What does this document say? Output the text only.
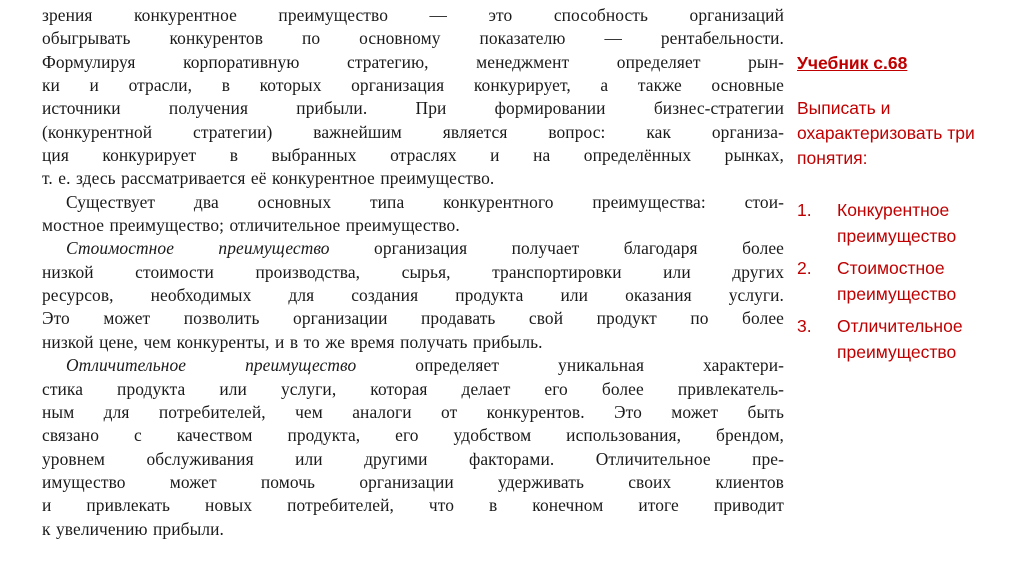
зрения конкурентное преимущество — это способность организаций
обыгрывать конкурентов по основному показателю — рентабельности.
Формулируя корпоративную стратегию, менеджмент определяет рын-
ки и отрасли, в которых организация конкурирует, а также основные
источники получения прибыли. При формировании бизнес-стратегии
(конкурентной стратегии) важнейшим является вопрос: как организа-
ция конкурирует в выбранных отраслях и на определённых рынках,
т. е. здесь рассматривается её конкурентное преимущество.
Существует два основных типа конкурентного преимущества: стои-
мостное преимущество; отличительное преимущество.
Стоимостное преимущество организация получает благодаря более
низкой стоимости производства, сырья, транспортировки или других
ресурсов, необходимых для создания продукта или оказания услуги.
Это может позволить организации продавать свой продукт по более
низкой цене, чем конкуренты, и в то же время получать прибыль.
Отличительное преимущество определяет уникальная характери-
стика продукта или услуги, которая делает его более привлекатель-
ным для потребителей, чем аналоги от конкурентов. Это может быть
связано с качеством продукта, его удобством использования, брендом,
уровнем обслуживания или другими факторами. Отличительное пре-
имущество может помочь организации удерживать своих клиентов
и привлекать новых потребителей, что в конечном итоге приводит
к увеличению прибыли.
Учебник с.68
Выписать и охарактеризовать три понятия:
1. Конкурентное преимущество
2. Стоимостное преимущество
3. Отличительное преимущество
